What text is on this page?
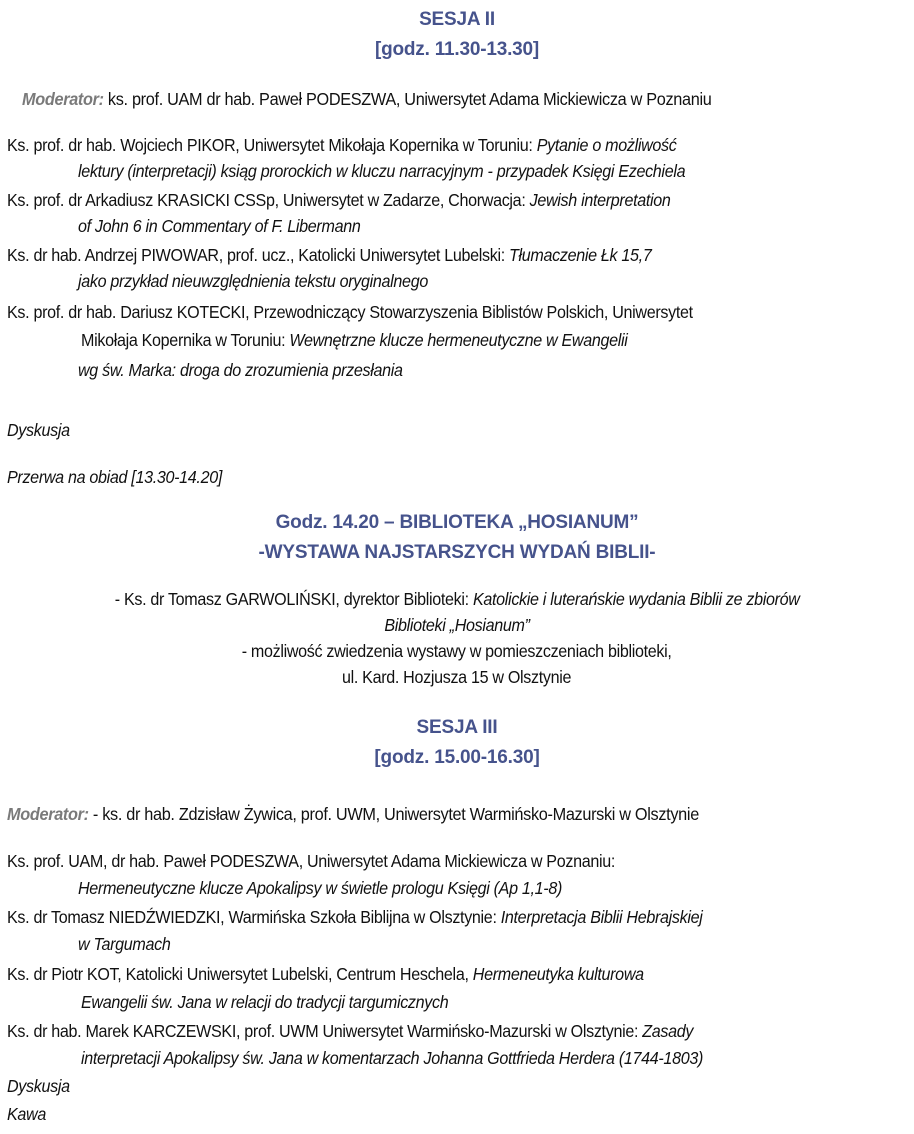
SESJA II
[godz. 11.30-13.30]
Moderator: ks. prof. UAM dr hab. Paweł PODESZWA, Uniwersytet Adama Mickiewicza w Poznaniu
Ks. prof. dr hab. Wojciech PIKOR, Uniwersytet Mikołaja Kopernika w Toruniu: Pytanie o możliwość
lektury (interpretacji) ksiąg prorockich w kluczu narracyjnym - przypadek Księgi Ezechiela
Ks. prof. dr Arkadiusz KRASICKI CSSp, Uniwersytet w Zadarze, Chorwacja: Jewish interpretation
of John 6 in Commentary of F. Libermann
Ks. dr hab. Andrzej PIWOWAR, prof. ucz., Katolicki Uniwersytet Lubelski: Tłumaczenie Łk 15,7
jako przykład nieuwzględnienia tekstu oryginalnego
Ks. prof. dr hab. Dariusz KOTECKI, Przewodniczący Stowarzyszenia Biblistów Polskich, Uniwersytet
Mikołaja Kopernika w Toruniu: Wewnętrzne klucze hermeneutyczne w Ewangelii
wg św. Marka: droga do zrozumienia przesłania
Dyskusja
Przerwa na obiad [13.30-14.20]
Godz. 14.20 – BIBLIOTEKA „HOSIANUM”
-WYSTAWA NAJSTARSZYCH WYDAŃ BIBLII-
- Ks. dr Tomasz GARWOLIŃSKI, dyrektor Biblioteki: Katolickie i luterańskie wydania Biblii ze zbiorów
Biblioteki „Hosianum”
- możliwość zwiedzenia wystawy w pomieszczeniach biblioteki,
ul. Kard. Hozjusza 15 w Olsztynie
SESJA III
[godz. 15.00-16.30]
Moderator: - ks. dr hab. Zdzisław Żywica, prof. UWM, Uniwersytet Warmińsko-Mazurski w Olsztynie
Ks. prof. UAM, dr hab. Paweł PODESZWA, Uniwersytet Adama Mickiewicza w Poznaniu:
Hermeneutyczne klucze Apokalipsy w świetle prologu Księgi (Ap 1,1-8)
Ks. dr Tomasz NIEDŹWIEDZKI, Warmińska Szkoła Biblijna w Olsztynie: Interpretacja Biblii Hebrajskiej
w Targumach
Ks. dr Piotr KOT, Katolicki Uniwersytet Lubelski, Centrum Heschela, Hermeneutyka kulturowa
Ewangelii św. Jana w relacji do tradycji targumicznych
Ks. dr hab. Marek KARCZEWSKI, prof. UWM Uniwersytet Warmińsko-Mazurski w Olsztynie: Zasady
interpretacji Apokalipsy św. Jana w komentarzach Johanna Gottfrieda Herdera (1744-1803)
Dyskusja
Kawa
